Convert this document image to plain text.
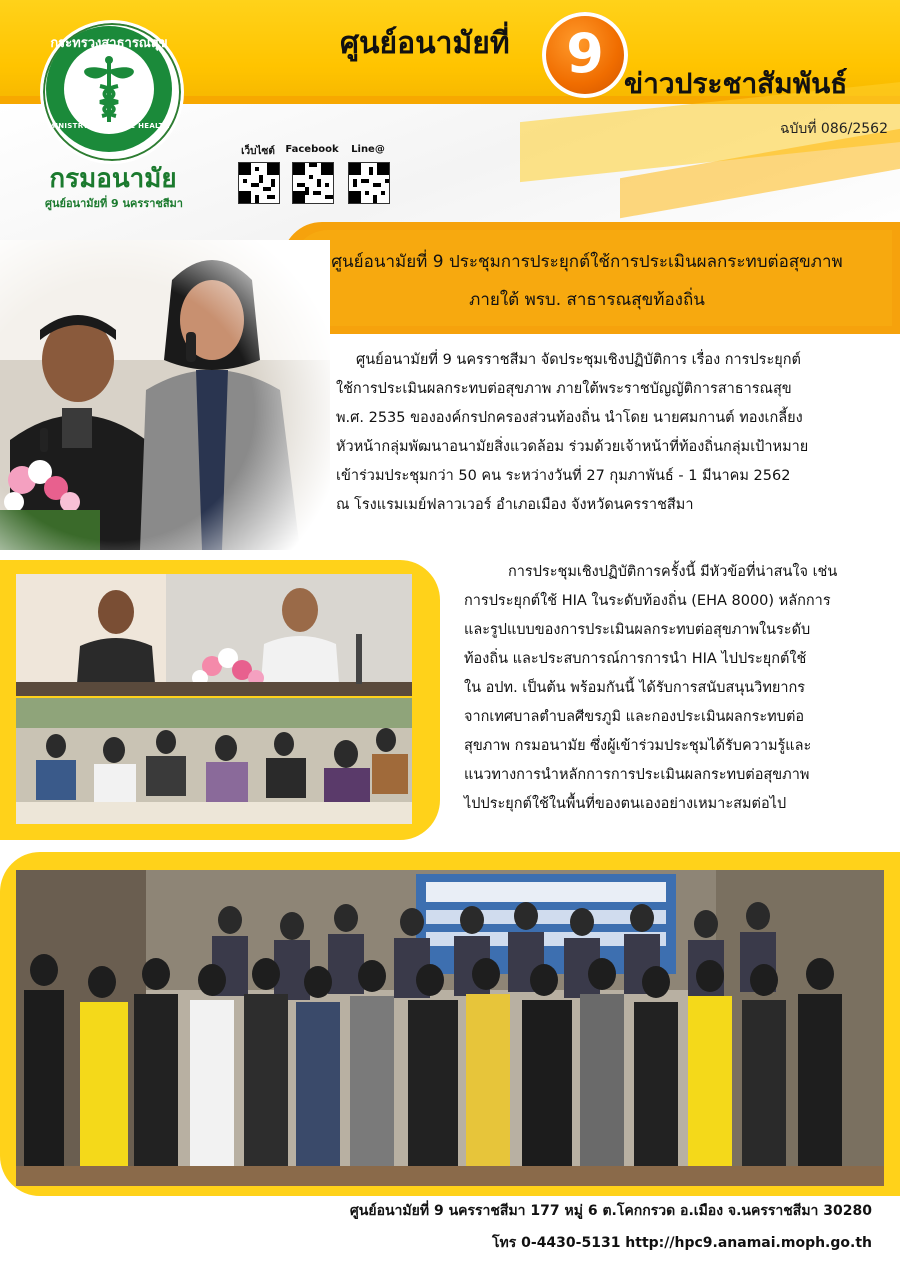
กระทรวงสาธารณสุข
MINISTRY OF PUBLIC HEALTH
กรมอนามัย
ศูนย์อนามัยที่ 9 นครราชสีมา
ศูนย์อนามัยที่	9 ข่าวประชาสัมพันธ์
ฉบับที่ 086/2562
เว็บไซต์	Facebook	Line@
ศูนย์อนามัยที่ 9 ประชุมการประยุกต์ใช้การประเมินผลกระทบต่อสุขภาพ
ภายใต้ พรบ. สาธารณสุขท้องถิ่น
ศูนย์อนามัยที่ 9 นครราชสีมา จัดประชุมเชิงปฏิบัติการ เรื่อง การประยุกต์
ใช้การประเมินผลกระทบต่อสุขภาพ ภายใต้พระราชบัญญัติการสาธารณสุข
พ.ศ. 2535 ขององค์กรปกครองส่วนท้องถิ่น นำโดย นายศมกานต์ ทองเกลี้ยง
หัวหน้ากลุ่มพัฒนาอนามัยสิ่งแวดล้อม ร่วมด้วยเจ้าหน้าที่ท้องถิ่นกลุ่มเป้าหมาย
เข้าร่วมประชุมกว่า 50 คน ระหว่างวันที่ 27 กุมภาพันธ์ - 1 มีนาคม 2562
ณ โรงแรมเมย์ฟลาวเวอร์ อำเภอเมือง จังหวัดนครราชสีมา
การประชุมเชิงปฏิบัติการครั้งนี้ มีหัวข้อที่น่าสนใจ เช่น
การประยุกต์ใช้ HIA ในระดับท้องถิ่น (EHA 8000) หลักการ
และรูปแบบของการประเมินผลกระทบต่อสุขภาพในระดับ
ท้องถิ่น และประสบการณ์การการนำ HIA ไปประยุกต์ใช้
ใน อปท. เป็นต้น พร้อมกันนี้ ได้รับการสนับสนุนวิทยากร
จากเทศบาลตำบลศีขรภูมิ และกองประเมินผลกระทบต่อ
สุขภาพ กรมอนามัย ซึ่งผู้เข้าร่วมประชุมได้รับความรู้และ
แนวทางการนำหลักการการประเมินผลกระทบต่อสุขภาพ
ไปประยุกต์ใช้ในพื้นที่ของตนเองอย่างเหมาะสมต่อไป
ศูนย์อนามัยที่ 9 นครราชสีมา 177 หมู่ 6 ต.โคกกรวด อ.เมือง จ.นครราชสีมา 30280
โทร 0-4430-5131 http://hpc9.anamai.moph.go.th
